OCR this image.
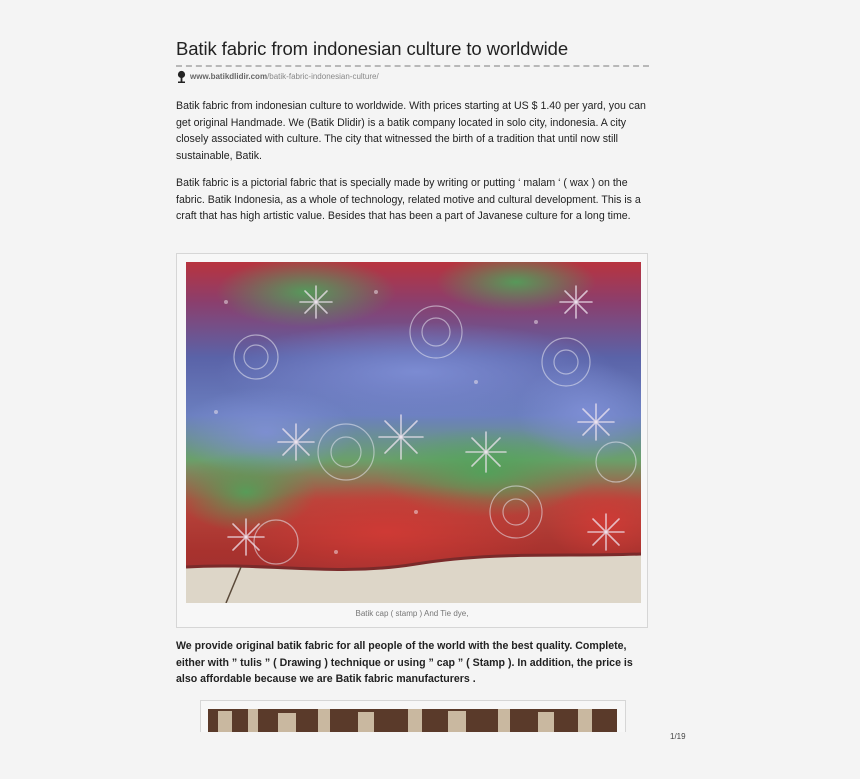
Batik fabric from indonesian culture to worldwide
www.batikdlidir.com /batik-fabric-indonesian-culture/

Batik fabric from indonesian culture to worldwide. With prices starting at US $ 1.40 per yard, you can get original Handmade. We (Batik Dlidir) is a batik company located in solo city, indonesia. A city closely associated with culture. The city that witnessed the birth of a tradition that until now still sustainable, Batik.

Batik fabric is a pictorial fabric that is specially made by writing or putting ‘ malam ‘ ( wax ) on the fabric. Batik Indonesia, as a whole of technology, related motive and cultural development. This is a craft that has high artistic value. Besides that has been a part of Javanese culture for a long time.

Batik cap ( stamp ) And Tie dye,

We provide original batik fabric for all people of the world with the best quality. Complete, either with ” tulis ” ( Drawing ) technique or using ” cap ” ( Stamp ). In addition, the price is also affordable because we are Batik fabric manufacturers .

1/19
